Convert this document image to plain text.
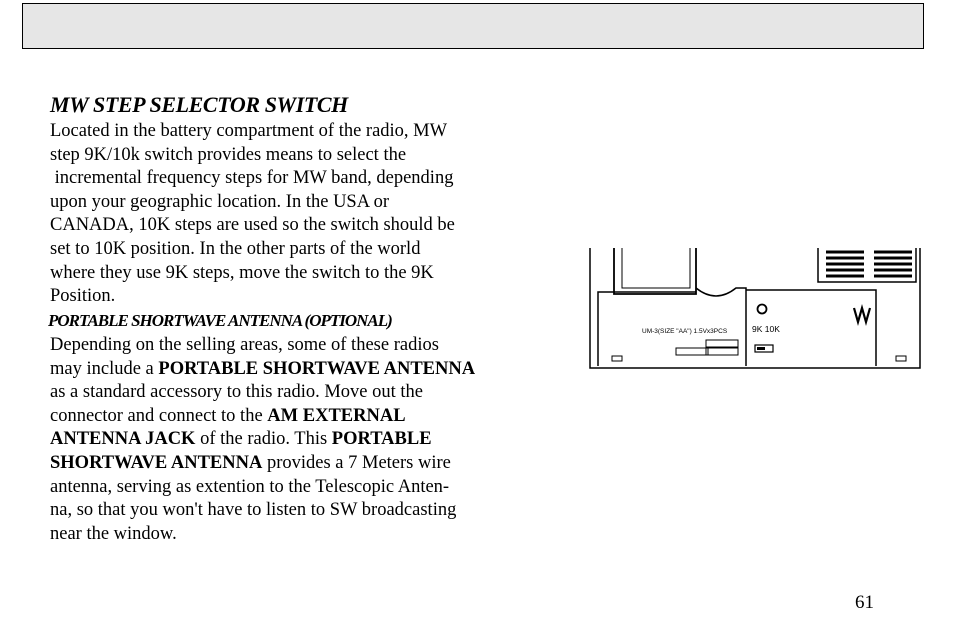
MW STEP SELECTOR SWITCH
Located in the battery compartment of the radio, MW
step 9K/10k switch provides means to select the
incremental frequency steps for MW band, depending
upon your geographic location. In the USA or
CANADA, 10K steps are used so the switch should be
set to 10K position. In the other parts of the world
where they use 9K steps, move the switch to the 9K
Position.
PORTABLE SHORTWAVE ANTENNA (OPTIONAL)
Depending on the selling areas, some of these radios
may include a PORTABLE SHORTWAVE ANTENNA
as a standard accessory to this radio. Move out the
connector and connect to the AM EXTERNAL
ANTENNA JACK of the radio. This PORTABLE
SHORTWAVE ANTENNA provides a 7 Meters wire
antenna, serving as extention to the Telescopic Anten-
na, so that you won't have to listen to SW broadcasting
near the window.
UM-3(SIZE "AA") 1.5Vx3PCS	9K 10K
61
